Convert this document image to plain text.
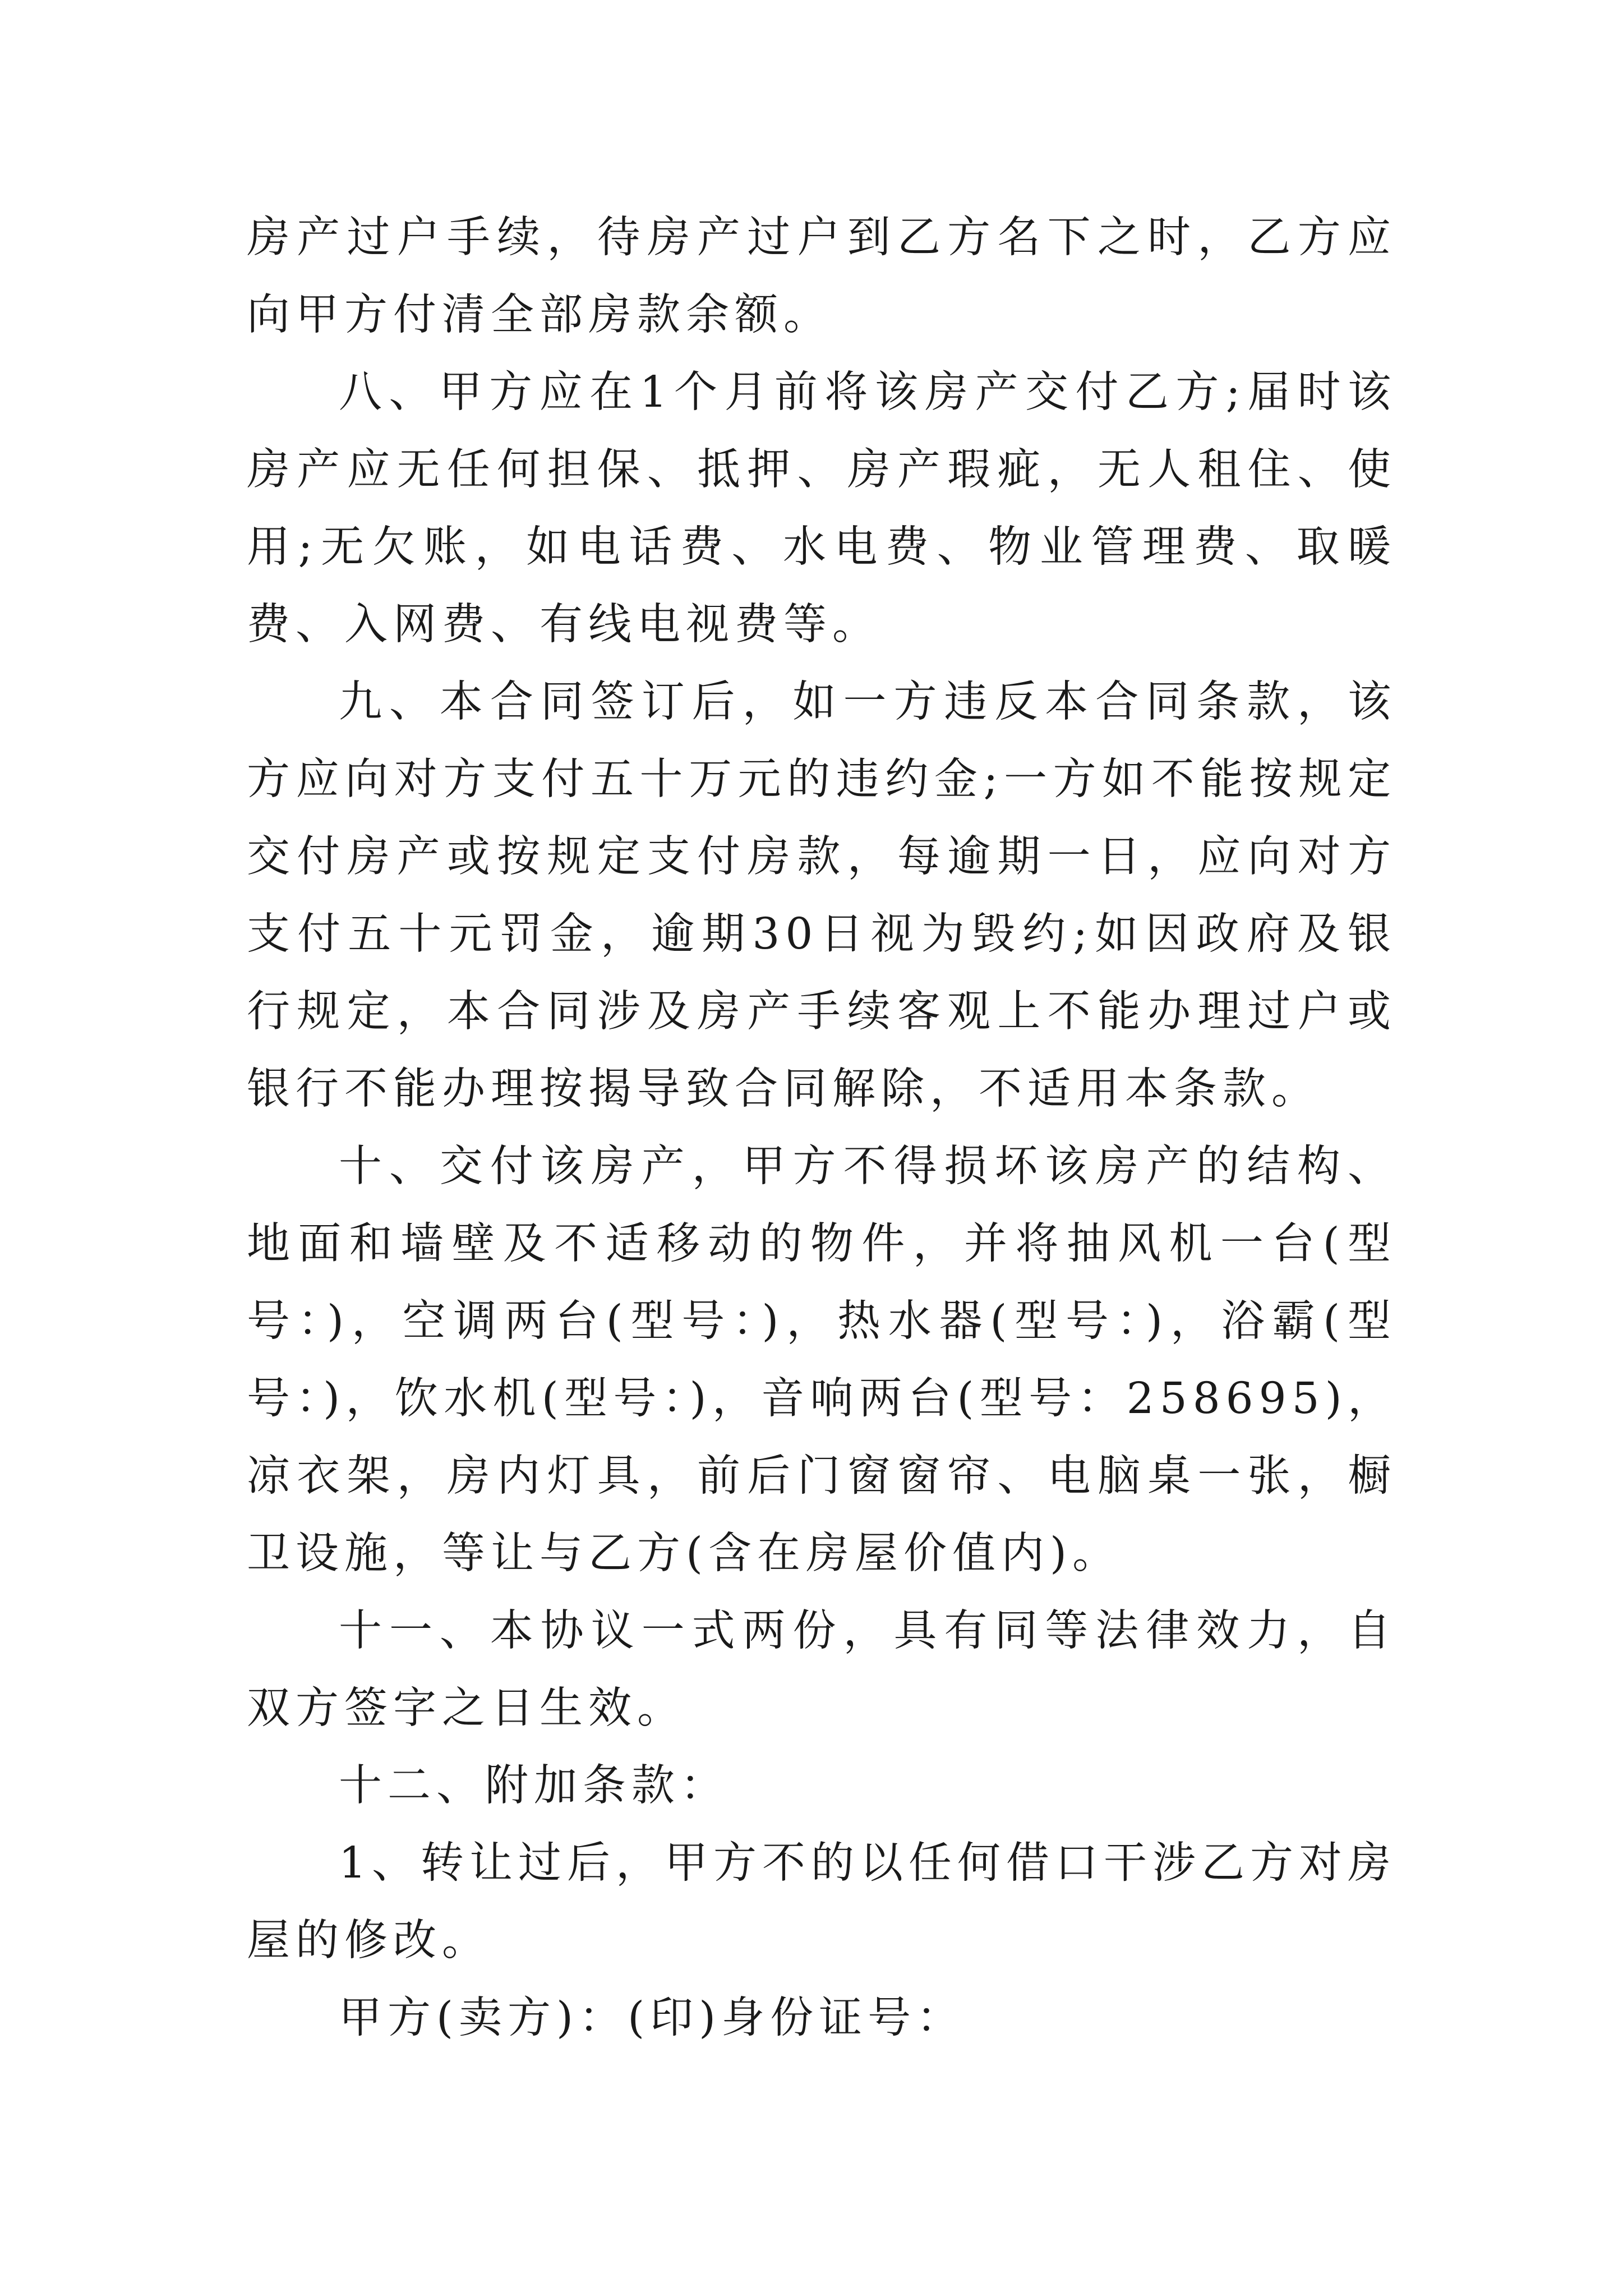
房产过户手续，待房产过户到乙方名下之时，乙方应向甲方付清全部房款余额。

八、甲方应在1个月前将该房产交付乙方;届时该房产应无任何担保、抵押、房产瑕疵，无人租住、使用;无欠账，如电话费、水电费、物业管理费、取暖费、入网费、有线电视费等。

九、本合同签订后，如一方违反本合同条款，该方应向对方支付五十万元的违约金;一方如不能按规定交付房产或按规定支付房款，每逾期一日，应向对方支付五十元罚金，逾期30日视为毁约;如因政府及银行规定，本合同涉及房产手续客观上不能办理过户或银行不能办理按揭导致合同解除，不适用本条款。

十、交付该房产，甲方不得损坏该房产的结构、地面和墙壁及不适移动的物件，并将抽风机一台(型号：)，空调两台(型号：)，热水器(型号：)，浴霸(型号：)，饮水机(型号：)，音响两台(型号：258695)，凉衣架，房内灯具，前后门窗窗帘、电脑桌一张，橱卫设施，等让与乙方(含在房屋价值内)。

十一、本协议一式两份，具有同等法律效力，自双方签字之日生效。

十二、附加条款：

1、转让过后，甲方不的以任何借口干涉乙方对房屋的修改。

甲方(卖方)：(印)身份证号：
